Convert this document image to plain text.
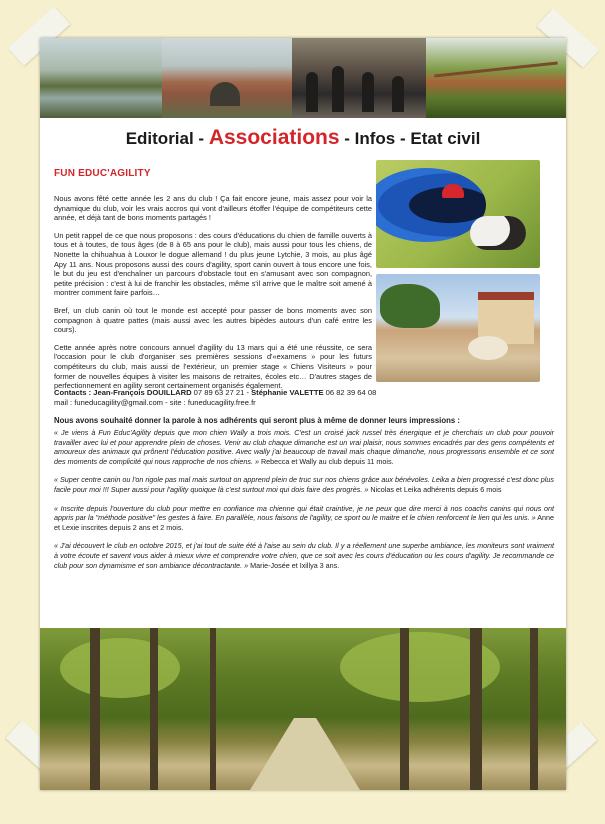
Editorial - Associations - Infos - Etat civil
FUN EDUC'AGILITY

Nous avons fêté cette année les 2 ans du club ! Ça fait encore jeune, mais assez pour voir la dynamique du club, voir les vrais accros qui vont d'ailleurs étoffer l'équipe de compétiteurs cette année, et déjà tant de bons moments partagés !

Un petit rappel de ce que nous proposons : des cours d'éducations du chien de famille ouverts à tous et à toutes, de tous âges (de 8 à 65 ans pour le club), mais aussi pour tous les chiens, de Nonette la chihuahua à Louxor le dogue allemand ! du plus jeune Lytchie, 3 mois, au plus âgé Apy 11 ans. Nous proposons aussi des cours d'agility, sport canin ouvert à tous encore une fois, le but du jeu est d'enchaîner un parcours d'obstacle tout en s'amusant avec son compagnon, petite précision : c'est à lui de franchir les obstacles, même s'il arrive que le maître soit amené à montrer comment faire parfois…

Bref, un club canin où tout le monde est accepté pour passer de bons moments avec son compagnon à quatre pattes (mais aussi avec les autres bipèdes autours d'un café entre les cours).

Cette année après notre concours annuel d'agility du 13 mars qui a été une réussite, ce sera l'occasion pour le club d'organiser ses premières sessions d'«examens » pour les futurs compétiteurs du club, mais aussi de l'extérieur, un premier stage « Chiens Visiteurs » pour former de nouvelles équipes à visiter les maisons de retraites, écoles etc… D'autres stages de perfectionnement en agility seront certainement organisés également.

Contacts : Jean-François DOUILLARD 07 89 63 27 21 - Stéphanie VALETTE 06 82 39 64 08
mail : funeducagility@gmail.com - site : funeducagility.free.fr
Nous avons souhaité donner la parole à nos adhérents qui seront plus à même de donner leurs impressions :

« Je viens à Fun Educ'Agility depuis que mon chien Wally a trois mois. C'est un croisé jack russel très énergique et je cherchais un club pour pouvoir travailler avec lui et pour apprendre plein de choses. Venir au club chaque dimanche est un vrai plaisir, nous sommes encadrés par des gens compétents et amoureux des animaux qui prônent l'éducation positive. Avec wally j'ai beaucoup de travail mais chaque dimanche, nous progressons ensemble et ce sont des moments de complicité qui nous rapproche de nos chiens. » Rebecca et Wally au club depuis 11 mois.

« Super centre canin ou l'on rigole pas mal mais surtout on apprend plein de truc sur nos chiens grâce aux bénévoles. Leika a bien progressé c'est donc plus facile pour moi !!! Super aussi pour l'agility quoique là c'est surtout moi qui dois faire des progrès. » Nicolas et Leika adhérents depuis 6 mois

« Inscrite depuis l'ouverture du club pour mettre en confiance ma chienne qui était craintive, je ne peux que dire merci à nos coachs canins qui nous ont appris par la "méthode positive" les gestes à faire. En parallèle, nous faisons de l'agility, ce sport ou le maitre et le chien renforcent le lien qui les unis. » Anne et Lexie inscrites depuis 2 ans et 2 mois.

« J'ai découvert le club en octobre 2015, et j'ai tout de suite été à l'aise au sein du club. Il y a réellement une superbe ambiance, les moniteurs sont vraiment à votre écoute et savent vous aider à mieux vivre et comprendre votre chien, que ce soit avec les cours d'éducation ou les cours d'agility. Je recommande ce club pour son dynamisme et son ambiance décontractante. » Marie-Josée et Ixillya 3 ans.
